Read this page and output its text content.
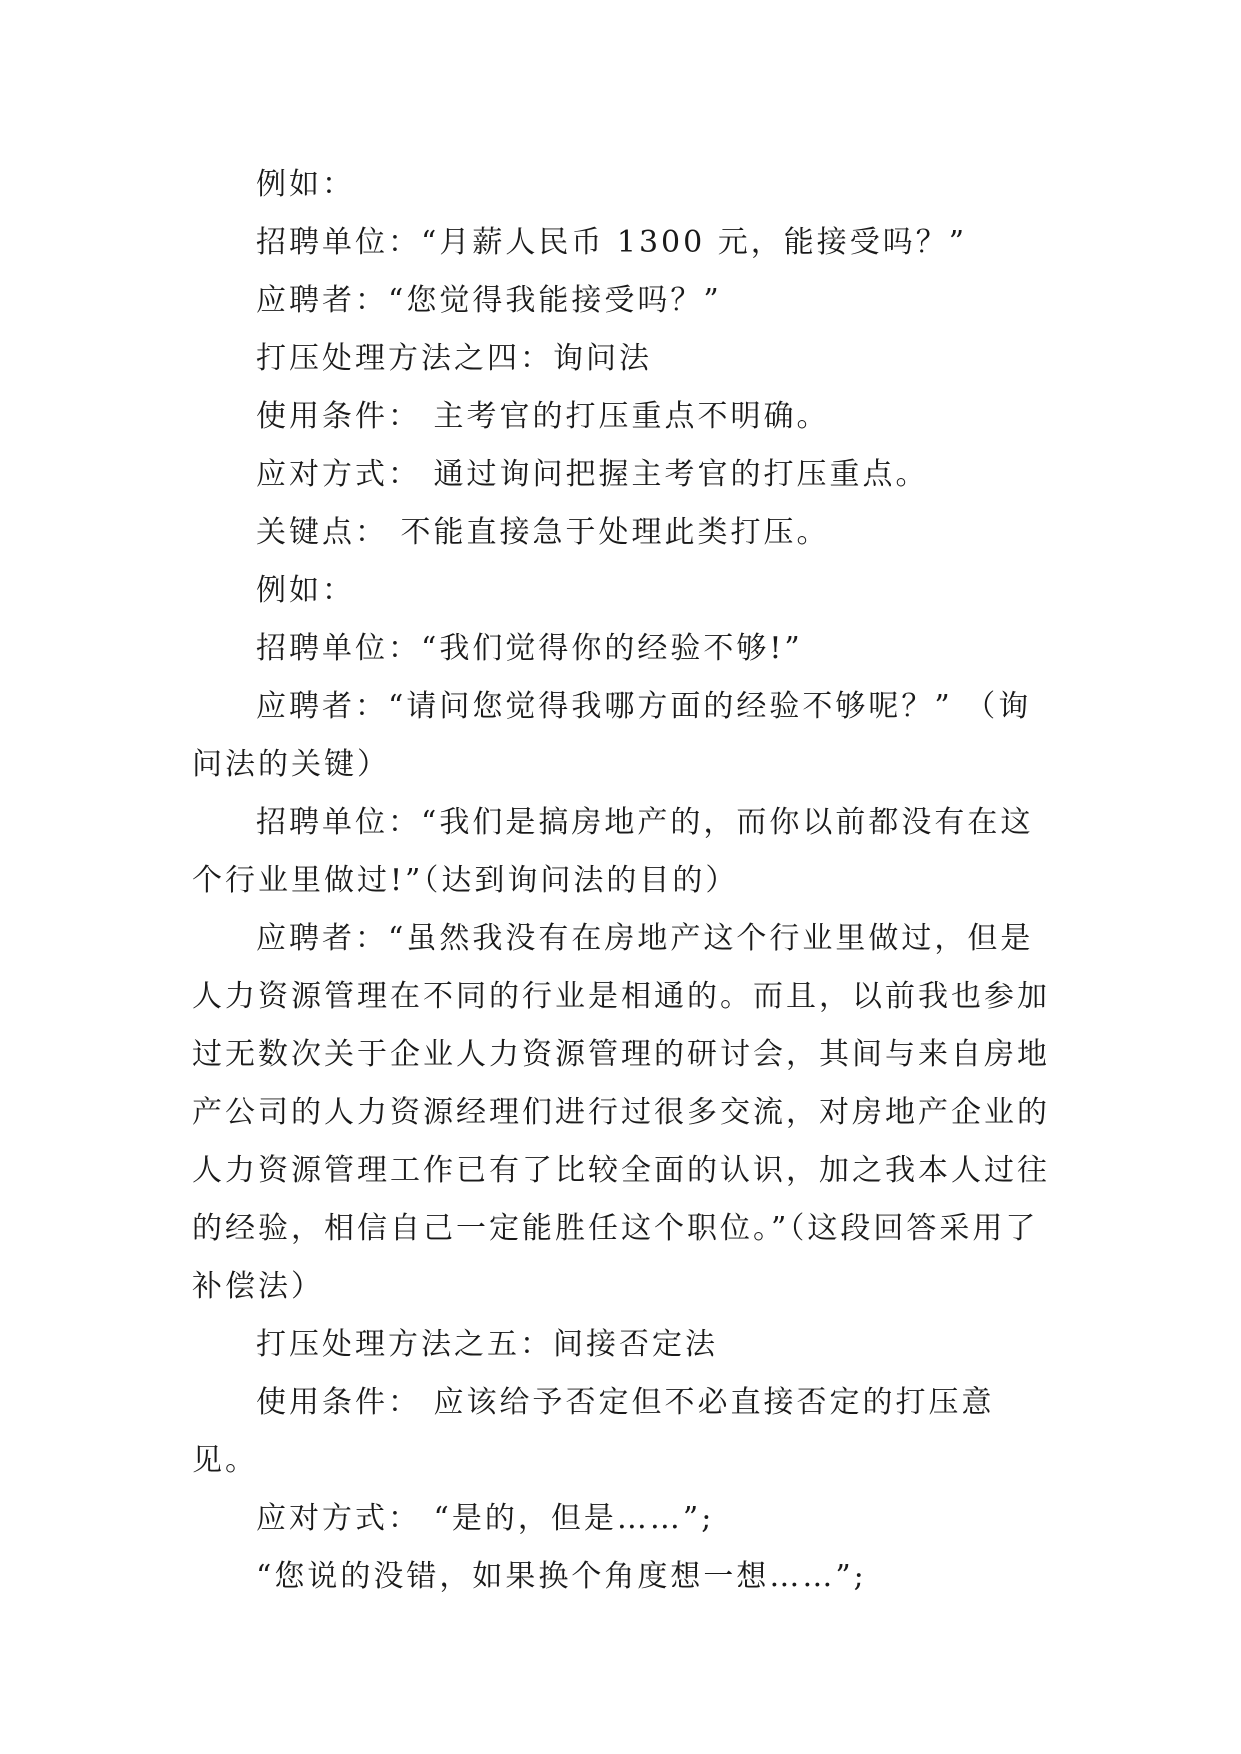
例如：

招聘单位：“月薪人民币 1300 元，能接受吗？”

应聘者：“您觉得我能接受吗？”

打压处理方法之四：询问法

使用条件： 主考官的打压重点不明确。

应对方式： 通过询问把握主考官的打压重点。

关键点： 不能直接急于处理此类打压。

例如：

招聘单位：“我们觉得你的经验不够!”

应聘者：“请问您觉得我哪方面的经验不够呢？” （询问法的关键）

招聘单位：“我们是搞房地产的，而你以前都没有在这个行业里做过!”（达到询问法的目的）

应聘者：“虽然我没有在房地产这个行业里做过，但是人力资源管理在不同的行业是相通的。而且，以前我也参加过无数次关于企业人力资源管理的研讨会，其间与来自房地产公司的人力资源经理们进行过很多交流，对房地产企业的人力资源管理工作已有了比较全面的认识，加之我本人过往的经验，相信自己一定能胜任这个职位。”（这段回答采用了补偿法）

打压处理方法之五：间接否定法

使用条件： 应该给予否定但不必直接否定的打压意见。

应对方式： “是的，但是……”;

“您说的没错，如果换个角度想一想……”;
